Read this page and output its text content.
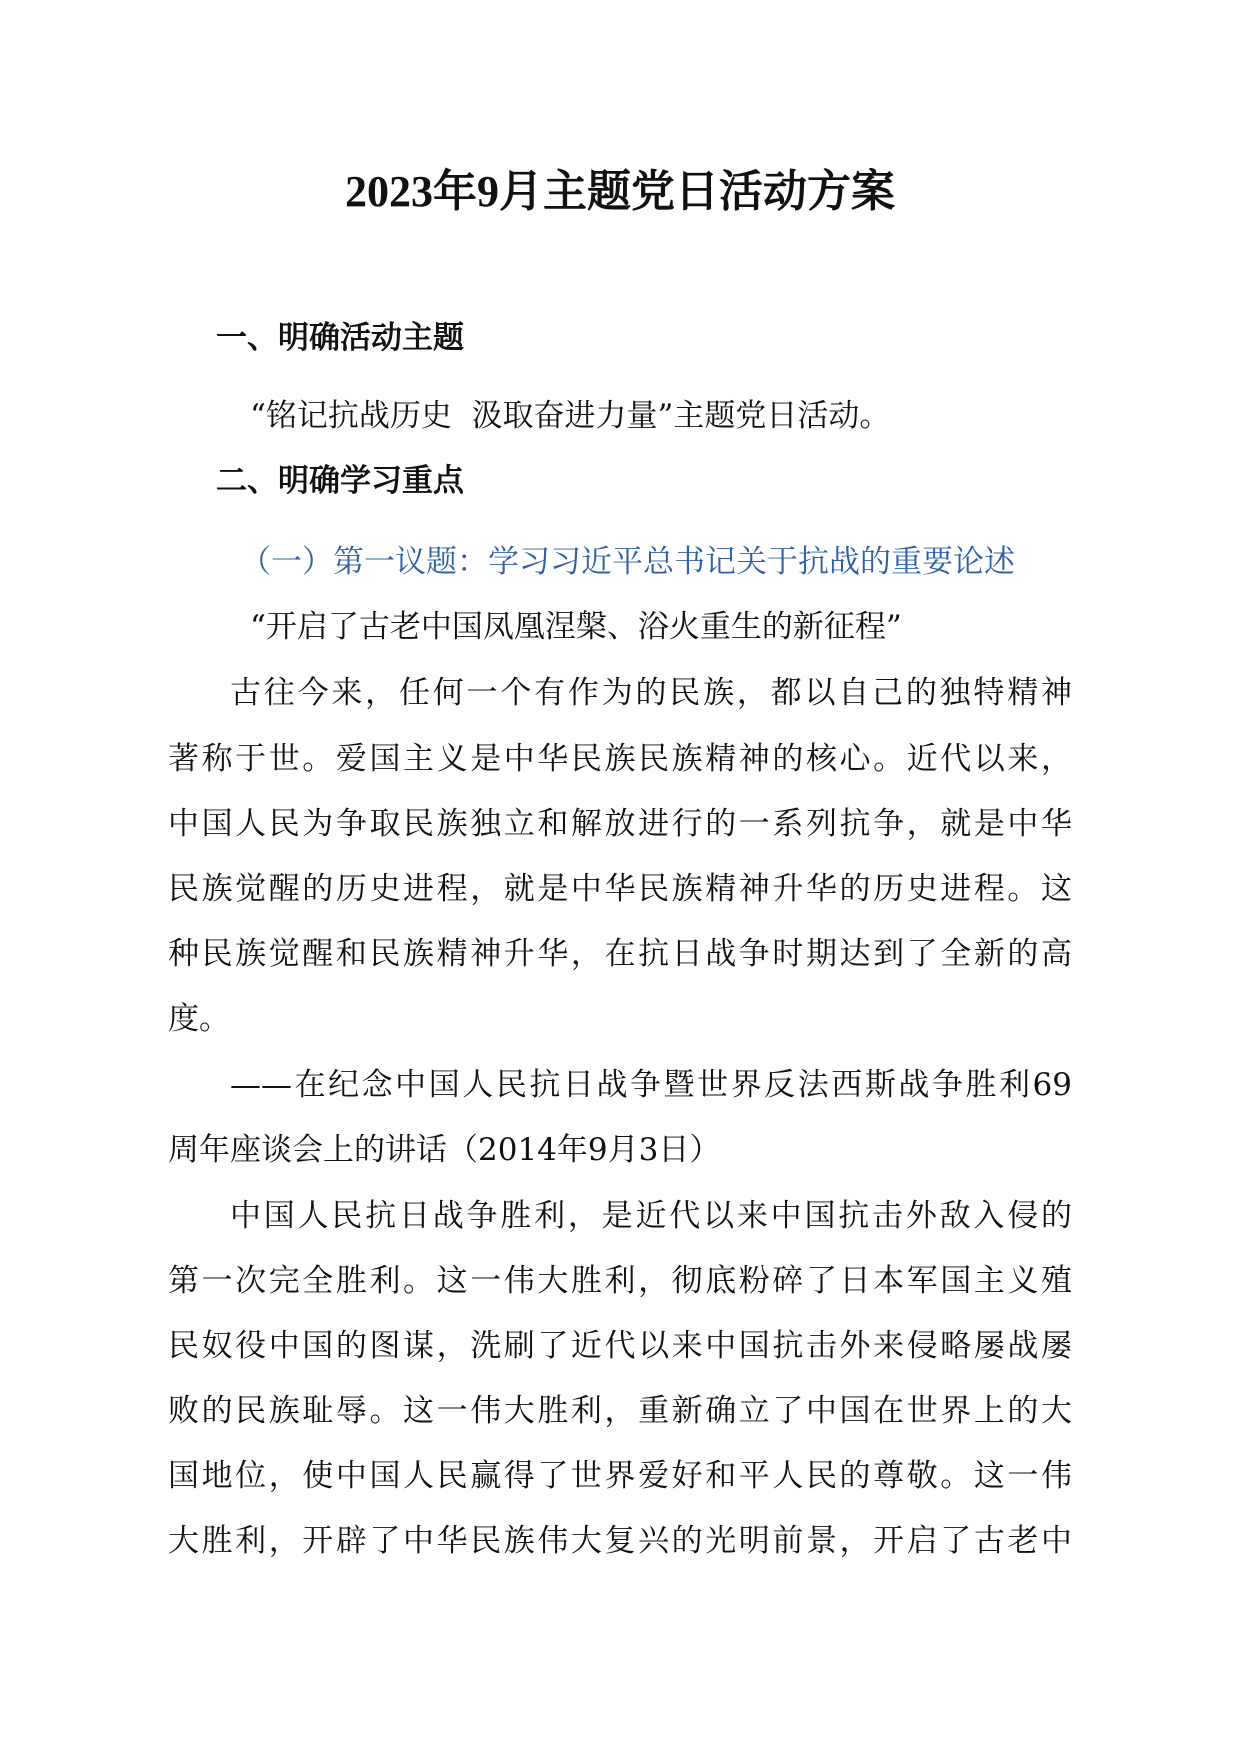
2023年9月主题党日活动方案
一、明确活动主题
“铭记抗战历史  汲取奋进力量”主题党日活动。
二、明确学习重点
（一）第一议题：学习习近平总书记关于抗战的重要论述
“开启了古老中国凤凰涅槃、浴火重生的新征程”
古往今来，任何一个有作为的民族，都以自己的独特精神
著称于世。爱国主义是中华民族民族精神的核心。近代以来，
中国人民为争取民族独立和解放进行的一系列抗争，就是中华
民族觉醒的历史进程，就是中华民族精神升华的历史进程。这
种民族觉醒和民族精神升华，在抗日战争时期达到了全新的高
度。
——在纪念中国人民抗日战争暨世界反法西斯战争胜利69
周年座谈会上的讲话（2014年9月3日）
中国人民抗日战争胜利，是近代以来中国抗击外敌入侵的
第一次完全胜利。这一伟大胜利，彻底粉碎了日本军国主义殖
民奴役中国的图谋，洗刷了近代以来中国抗击外来侵略屡战屡
败的民族耻辱。这一伟大胜利，重新确立了中国在世界上的大
国地位，使中国人民赢得了世界爱好和平人民的尊敬。这一伟
大胜利，开辟了中华民族伟大复兴的光明前景，开启了古老中
